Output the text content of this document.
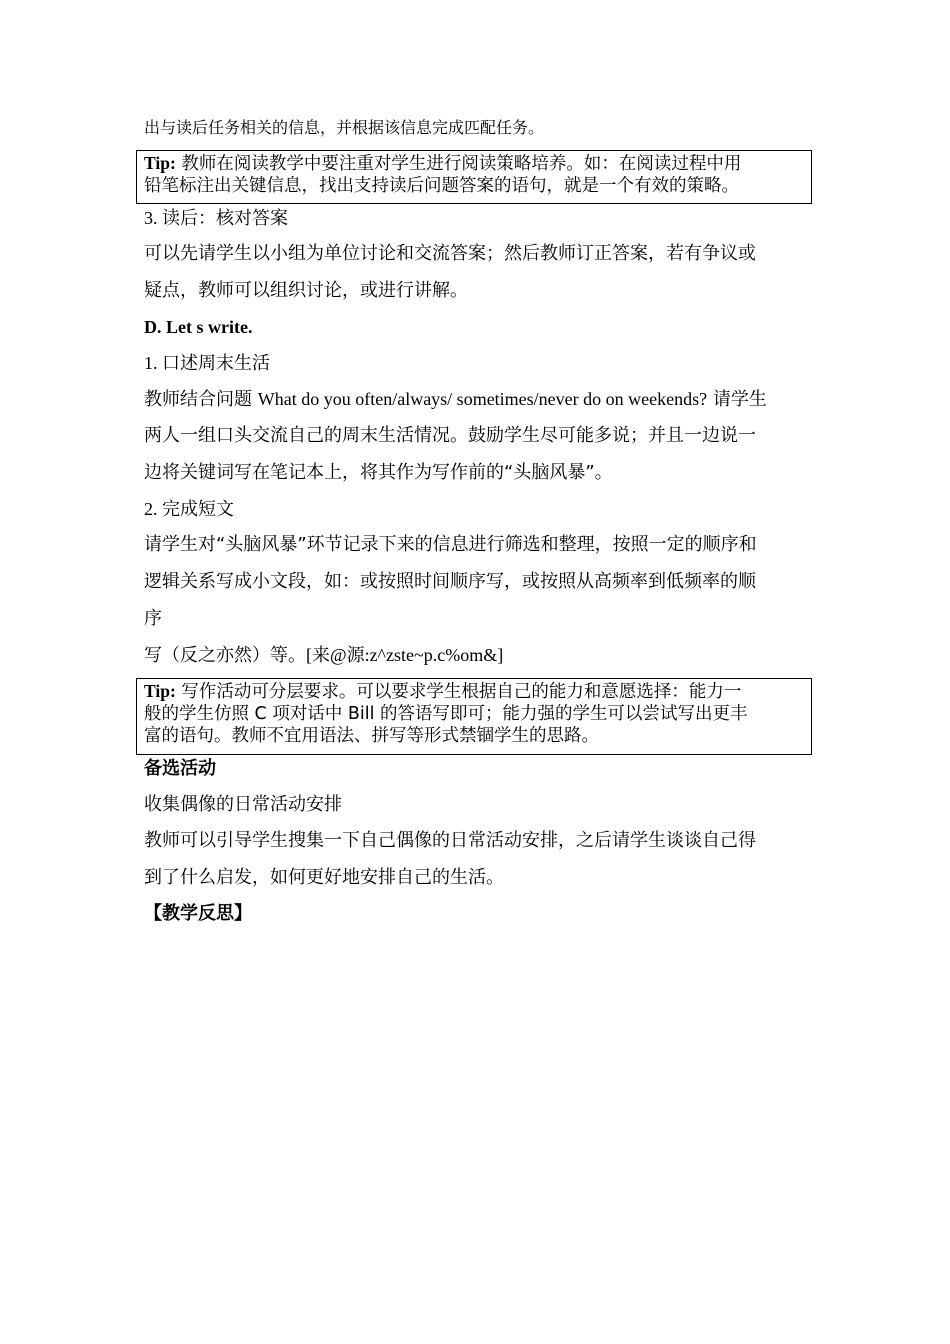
出与读后任务相关的信息，并根据该信息完成匹配任务。
Tip: 教师在阅读教学中要注重对学生进行阅读策略培养。如：在阅读过程中用
铅笔标注出关键信息，找出支持读后问题答案的语句，就是一个有效的策略。
3. 读后：核对答案
可以先请学生以小组为单位讨论和交流答案；然后教师订正答案，若有争议或
疑点，教师可以组织讨论，或进行讲解。
D. Let s write.
1. 口述周末生活
教师结合问题 What do you often/always/ sometimes/never do on weekends? 请学生
两人一组口头交流自己的周末生活情况。鼓励学生尽可能多说；并且一边说一
边将关键词写在笔记本上，将其作为写作前的“头脑风暴”。
2. 完成短文
请学生对“头脑风暴”环节记录下来的信息进行筛选和整理，按照一定的顺序和
逻辑关系写成小文段，如：或按照时间顺序写，或按照从高频率到低频率的顺
序
写（反之亦然）等。[来@源:z^zste~p.c%om&]
Tip: 写作活动可分层要求。可以要求学生根据自己的能力和意愿选择：能力一
般的学生仿照 C 项对话中 Bill 的答语写即可；能力强的学生可以尝试写出更丰
富的语句。教师不宜用语法、拼写等形式禁锢学生的思路。
备选活动
收集偶像的日常活动安排
教师可以引导学生搜集一下自己偶像的日常活动安排，之后请学生谈谈自己得
到了什么启发，如何更好地安排自己的生活。
【教学反思】
